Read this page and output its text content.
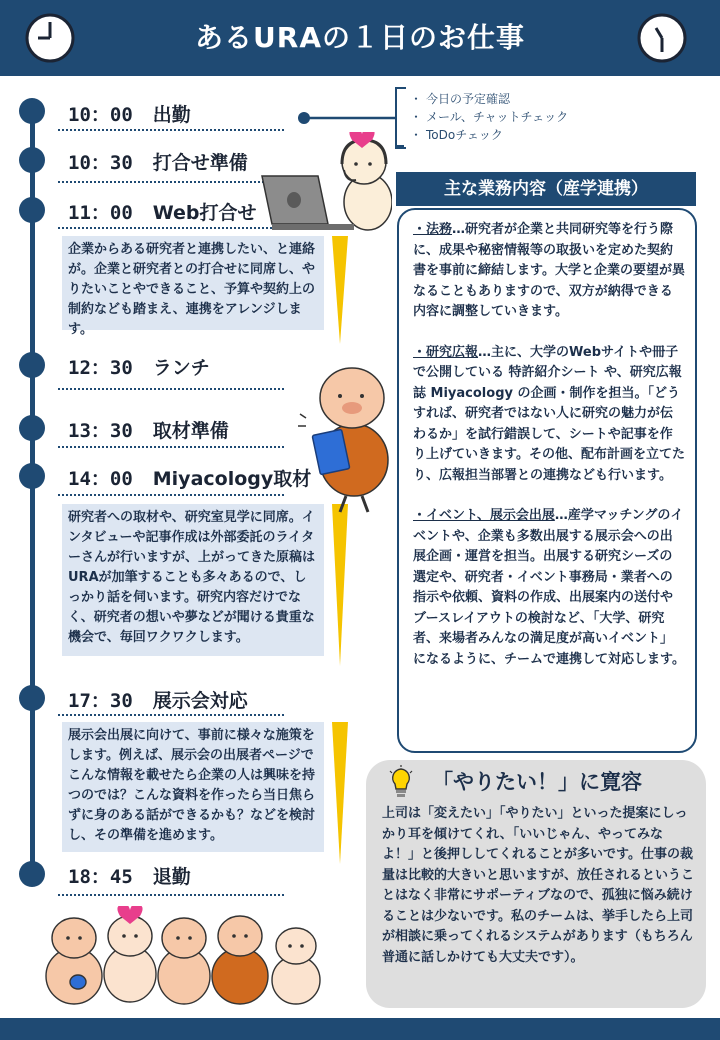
あるURAの１日のお仕事
10：00 出勤
10：30 打合せ準備
11：00 Web打合せ
企業からある研究者と連携したい、と連絡が。企業と研究者との打合せに同席し、やりたいことやできること、予算や契約上の制約なども踏まえ、連携をアレンジします。
12：30 ランチ
13：30 取材準備
14：00 Miyacology取材
研究者への取材や、研究室見学に同席。インタビューや記事作成は外部委託のライターさんが行いますが、上がってきた原稿はURAが加筆することも多々あるので、しっかり話を伺います。研究内容だけでなく、研究者の想いや夢などが聞ける貴重な機会で、毎回ワクワクします。
17：30 展示会対応
展示会出展に向けて、事前に様々な施策をします。例えば、展示会の出展者ページでこんな情報を載せたら企業の人は興味を持つのでは？こんな資料を作ったら当日焦らずに身のある話ができるかも？などを検討し、その準備を進めます。
18：45 退勤
・ 今日の予定確認
・ メール、チャットチェック
・ ToDoチェック
主な業務内容（産学連携）

・法務…研究者が企業と共同研究等を行う際に、成果や秘密情報等の取扱いを定めた契約書を事前に締結します。大学と企業の要望が異なることもありますので、双方が納得できる内容に調整していきます。

・研究広報…主に、大学のWebサイトや冊子で公開している 特許紹介シート や、研究広報誌 Miyacology の企画・制作を担当。「どうすれば、研究者ではない人に研究の魅力が伝わるか」を試行錯誤して、シートや記事を作り上げていきます。その他、配布計画を立てたり、広報担当部署との連携なども行います。

・イベント、展示会出展…産学マッチングのイベントや、企業も多数出展する展示会への出展企画・運営を担当。出展する研究シーズの選定や、研究者・イベント事務局・業者への指示や依頼、資料の作成、出展案内の送付やブースレイアウトの検討など、「大学、研究者、来場者みんなの満足度が高いイベント」になるように、チームで連携して対応します。

上司は「変えたい」「やりたい」といった提案にしっかり耳を傾けてくれ、「いいじゃん、やってみなよ！」と後押ししてくれることが多いです。仕事の裁量は比較的大きいと思いますが、放任されるということはなく非常にサポーティブなので、孤独に悩み続けることは少ないです。私のチームは、挙手したら上司が相談に乗ってくれるシステムがあります（もちろん普通に話しかけても大丈夫です）。
「やりたい！」に寛容
